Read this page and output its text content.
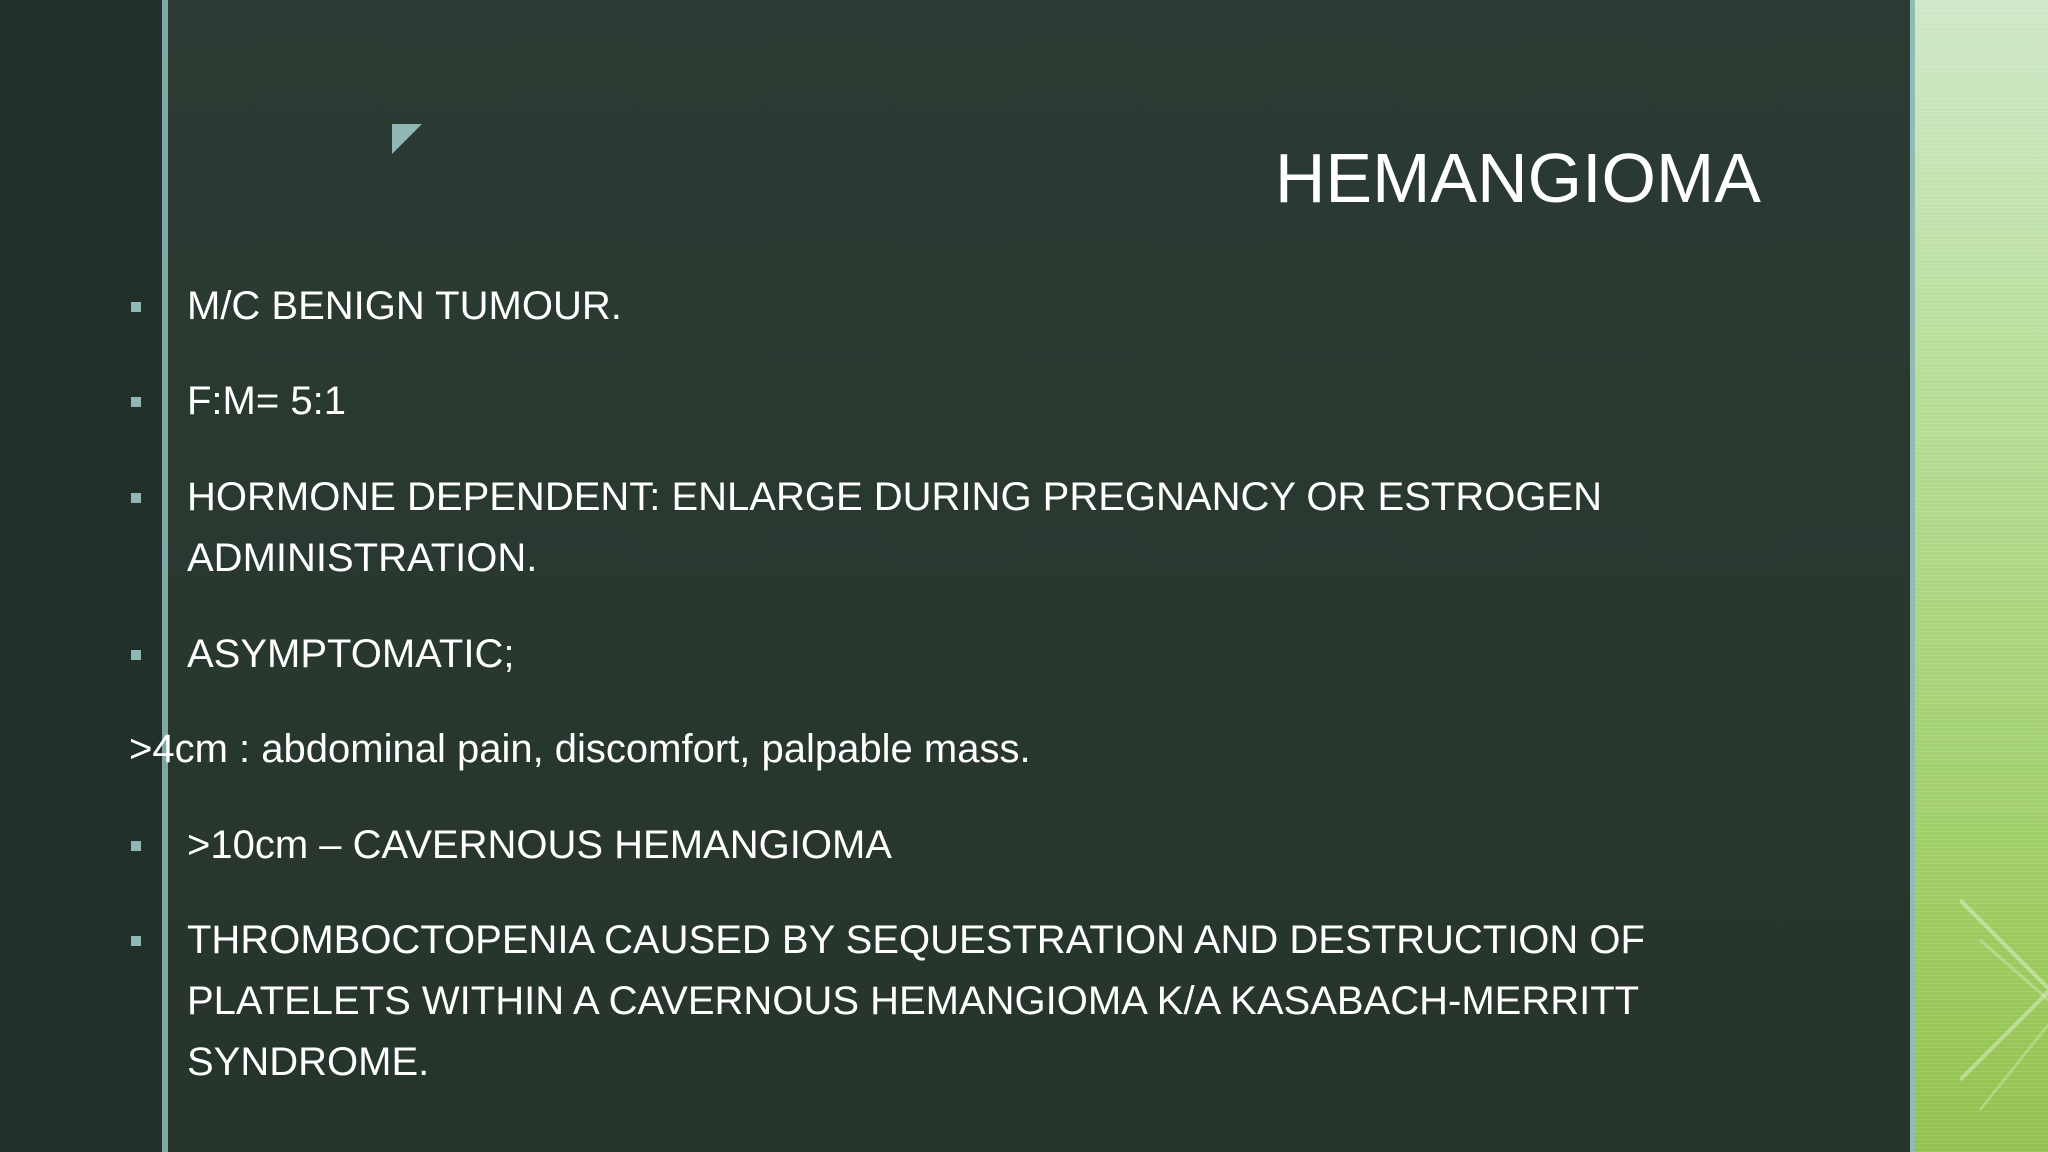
HEMANGIOMA
M/C BENIGN TUMOUR.
F:M= 5:1
HORMONE DEPENDENT: ENLARGE DURING PREGNANCY OR ESTROGEN ADMINISTRATION.
ASYMPTOMATIC;
>4cm : abdominal pain, discomfort, palpable mass.
>10cm – CAVERNOUS HEMANGIOMA
THROMBOCTOPENIA CAUSED BY SEQUESTRATION AND DESTRUCTION OF PLATELETS WITHIN A CAVERNOUS HEMANGIOMA K/A KASABACH-MERRITT SYNDROME.
